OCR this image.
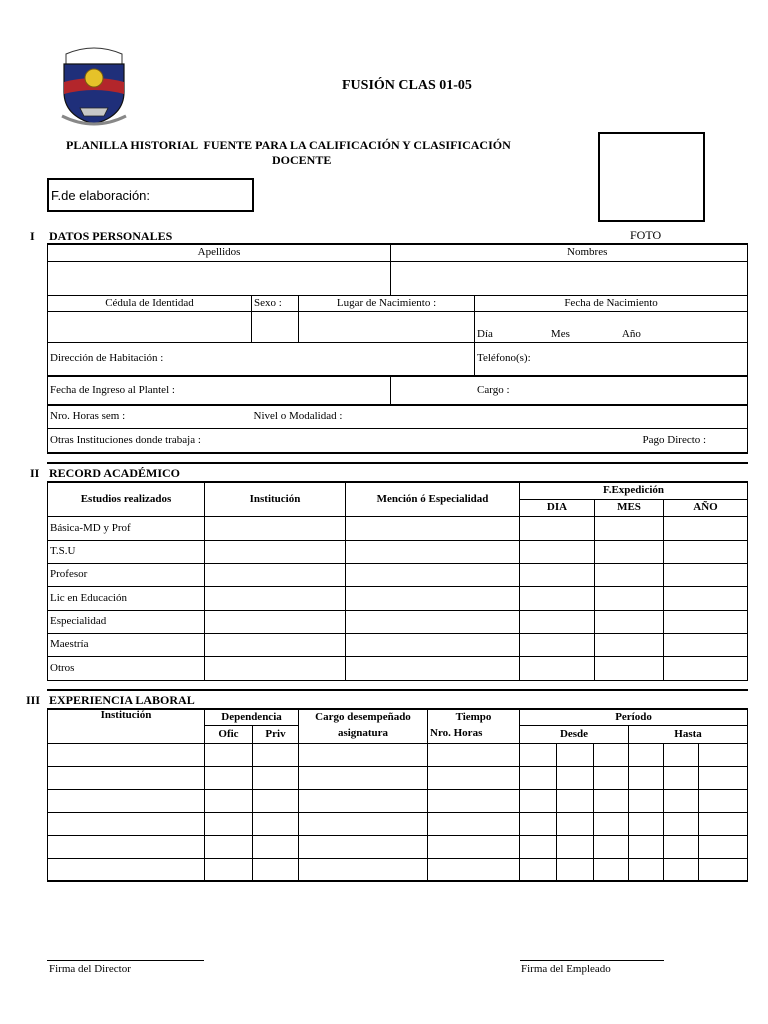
FUSIÓN CLAS 01-05
PLANILLA HISTORIAL  FUENTE PARA LA CALIFICACIÓN Y CLASIFICACIÓN
DOCENTE
F.de elaboración:
FOTO
I DATOS PERSONALES
Apellidos			Nombres		

Cédula de Identidad	Sexo :	Lugar de Nacimiento :		Fecha de Nacimiento	
				Día Mes Año	
Dirección de Habitación :				Teléfono(s):	
Fecha de Ingreso al Plantel :			Cargo :		
Nro. Horas sem :	Nivel o Modalidad :				
Otras Instituciones donde trabaja :					Pago Directo :
II RECORD ACADÉMICO
Estudios realizados	Institución	Mención ó Especialidad	F.Expedición		
			DIA	MES	AÑO
Básica-MD y Prof					
T.S.U					
Profesor					
Lic en Educación					
Especialidad					
Maestría					
Otros					
III EXPERIENCIA LABORAL
Institución	Dependencia		Cargo desempeñado	Tiempo	Período					
	Ofic	Priv	asignatura	Nro. Horas	Desde			Hasta		

Firma del Director	Firma del Empleado
